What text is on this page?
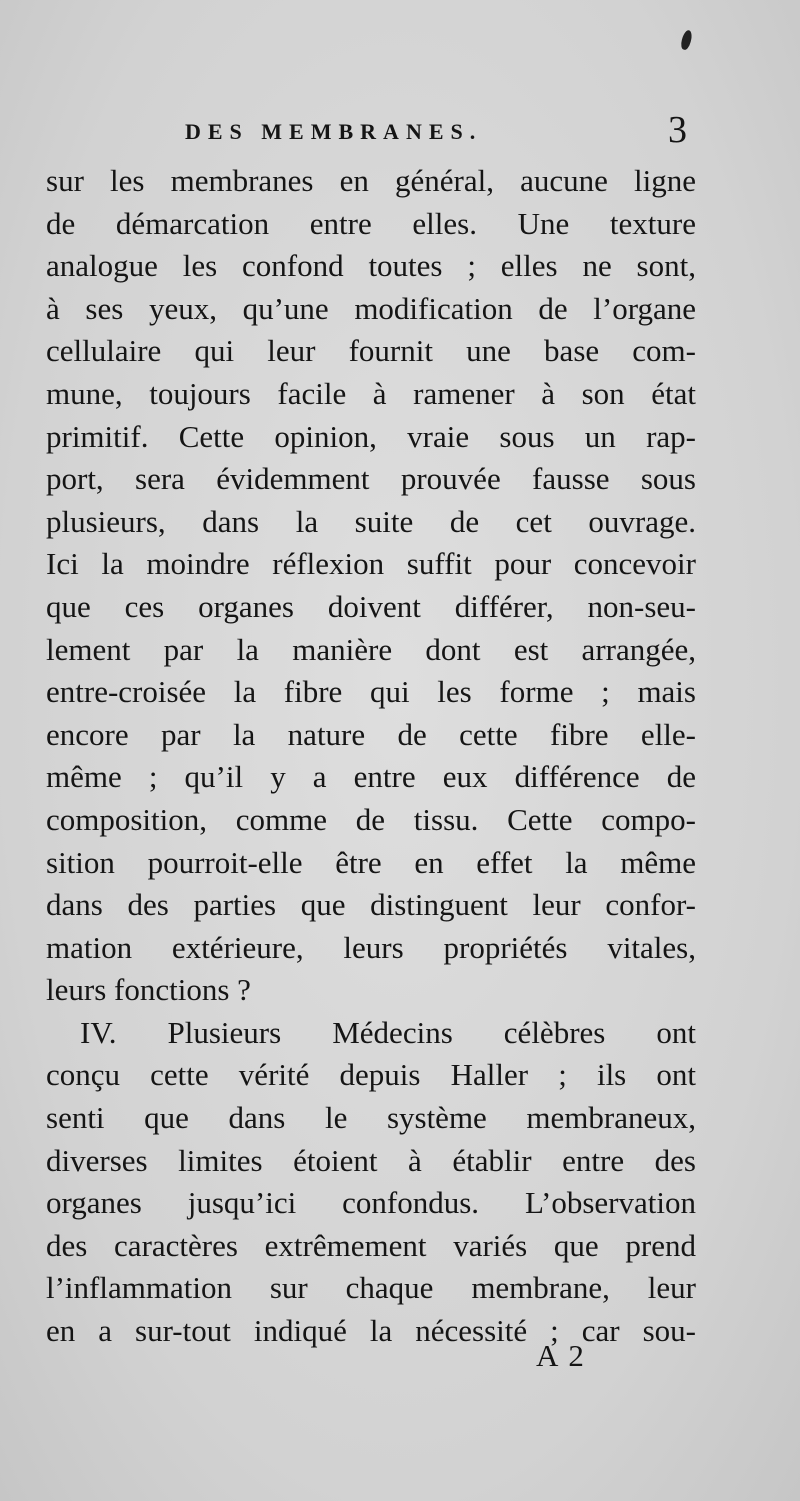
DES MEMBRANES.	3
sur les membranes en général, aucune ligne
de démarcation entre elles. Une texture
analogue les confond toutes ; elles ne sont,
à ses yeux, qu’une modification de l’organe
cellulaire qui leur fournit une base com-
mune, toujours facile à ramener à son état
primitif. Cette opinion, vraie sous un rap-
port, sera évidemment prouvée fausse sous
plusieurs, dans la suite de cet ouvrage.
Ici la moindre réflexion suffit pour concevoir
que ces organes doivent différer, non-seu-
lement par la manière dont est arrangée,
entre-croisée la fibre qui les forme ; mais
encore par la nature de cette fibre elle-
même ; qu’il y a entre eux différence de
composition, comme de tissu. Cette compo-
sition pourroit-elle être en effet la même
dans des parties que distinguent leur confor-
mation extérieure, leurs propriétés vitales,
leurs fonctions ?
IV. Plusieurs Médecins célèbres ont
conçu cette vérité depuis Haller ; ils ont
senti que dans le système membraneux,
diverses limites étoient à établir entre des
organes jusqu’ici confondus. L’observation
des caractères extrêmement variés que prend
l’inflammation sur chaque membrane, leur
en a sur-tout indiqué la nécessité ; car sou-
A 2
